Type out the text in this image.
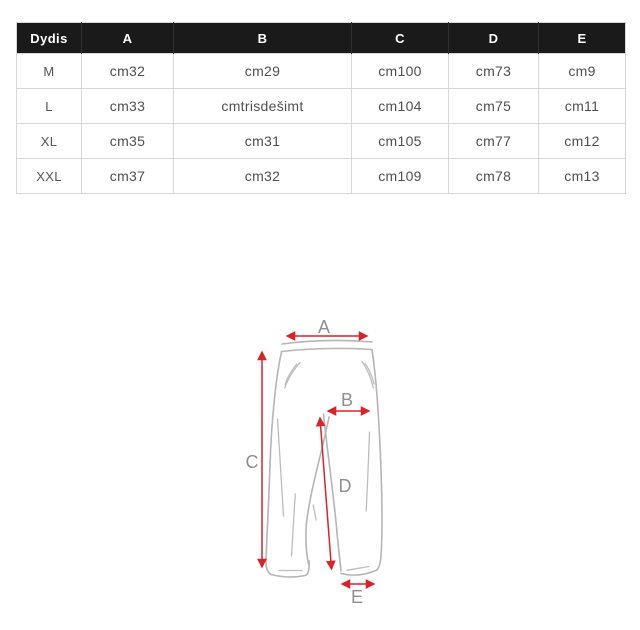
Dydis	A	B	C	D	E
M	cm32	cm29	cm100	cm73	cm9
L	cm33	cmtrisdešimt	cm104	cm75	cm11
XL	cm35	cm31	cm105	cm77	cm12
XXL	cm37	cm32	cm109	cm78	cm13
A
B
C
D
E
